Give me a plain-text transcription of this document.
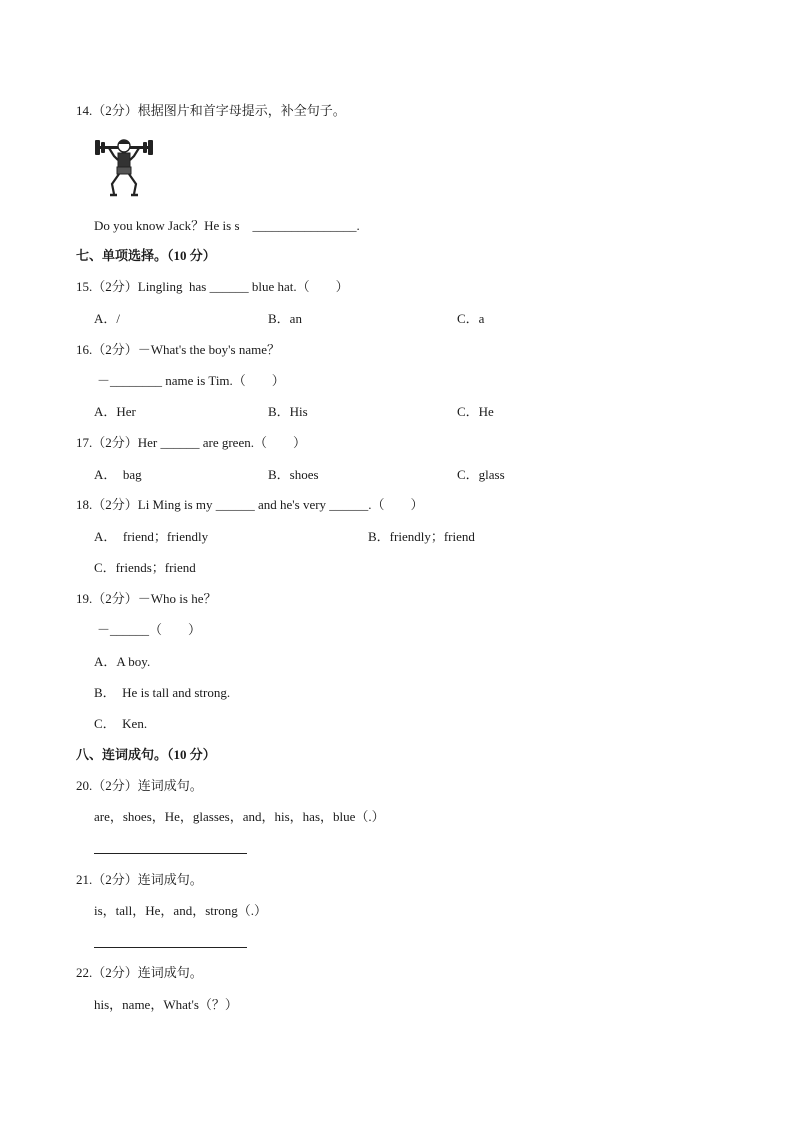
14.（2分）根据图片和首字母提示，补全句子。
Do you know Jack？He is s    ________________.
七、单项选择。（10 分）
15.（2分）Lingling  has ______ blue hat.（        ）
A．/	B．an	C．a
16.（2分）－What's the boy's name？
－________ name is Tim.（        ）
A．Her	B．His	C．He
17.（2分）Her ______ are green.（        ）
A．  bag	B．shoes	C．glass
18.（2分）Li Ming is my ______ and he's very ______.（        ）
A．  friend；friendly	B．friendly；friend
C．friends；friend
19.（2分）－Who is he？
－______（        ）
A．A boy.
B．  He is tall and strong.
C．  Ken.
八、连词成句。（10 分）
20.（2分）连词成句。
are，shoes，He，glasses，and，his，has，blue（.）
21.（2分）连词成句。
is，tall，He，and，strong（.）
22.（2分）连词成句。
his，name，What's（？）
